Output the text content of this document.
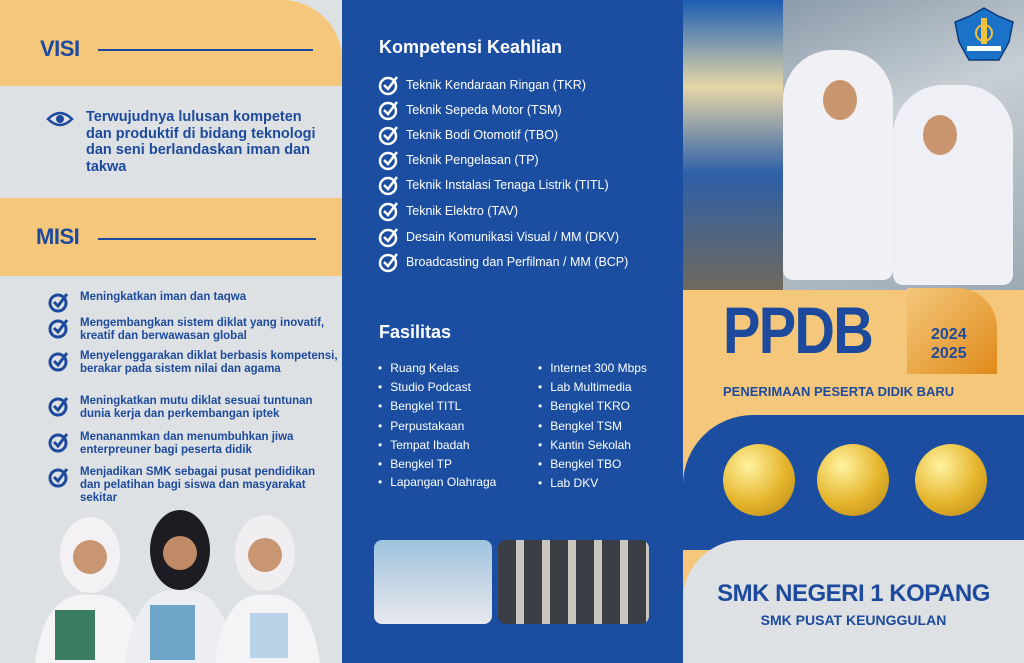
VISI
Terwujudnya lulusan kompeten dan produktif di bidang teknologi dan seni berlandaskan iman dan takwa
MISI
Meningkatkan iman dan taqwa
Mengembangkan sistem diklat yang inovatif, kreatif dan berwawasan global
Menyelenggarakan diklat berbasis kompetensi, berakar pada sistem nilai dan agama
Meningkatkan mutu diklat sesuai tuntunan dunia kerja dan perkembangan iptek
Menananmkan dan menumbuhkan jiwa enterpreuner bagi peserta didik
Menjadikan SMK sebagai pusat pendidikan dan pelatihan bagi siswa dan masyarakat sekitar
Kompetensi Keahlian
Teknik Kendaraan Ringan (TKR)
Teknik Sepeda Motor (TSM)
Teknik Bodi Otomotif (TBO)
Teknik Pengelasan (TP)
Teknik Instalasi Tenaga Listrik (TITL)
Teknik Elektro (TAV)
Desain Komunikasi Visual / MM (DKV)
Broadcasting dan Perfilman / MM (BCP)
Fasilitas
• Ruang Kelas
• Studio Podcast
• Bengkel TITL
• Perpustakaan
• Tempat Ibadah
• Bengkel TP
• Lapangan Olahraga
• Internet 300 Mbps
• Lab Multimedia
• Bengkel TKRO
• Bengkel TSM
• Kantin Sekolah
• Bengkel TBO
• Lab DKV
PPDB	2024
2025
PENERIMAAN PESERTA DIDIK BARU
SMK NEGERI 1 KOPANG
SMK PUSAT KEUNGGULAN
